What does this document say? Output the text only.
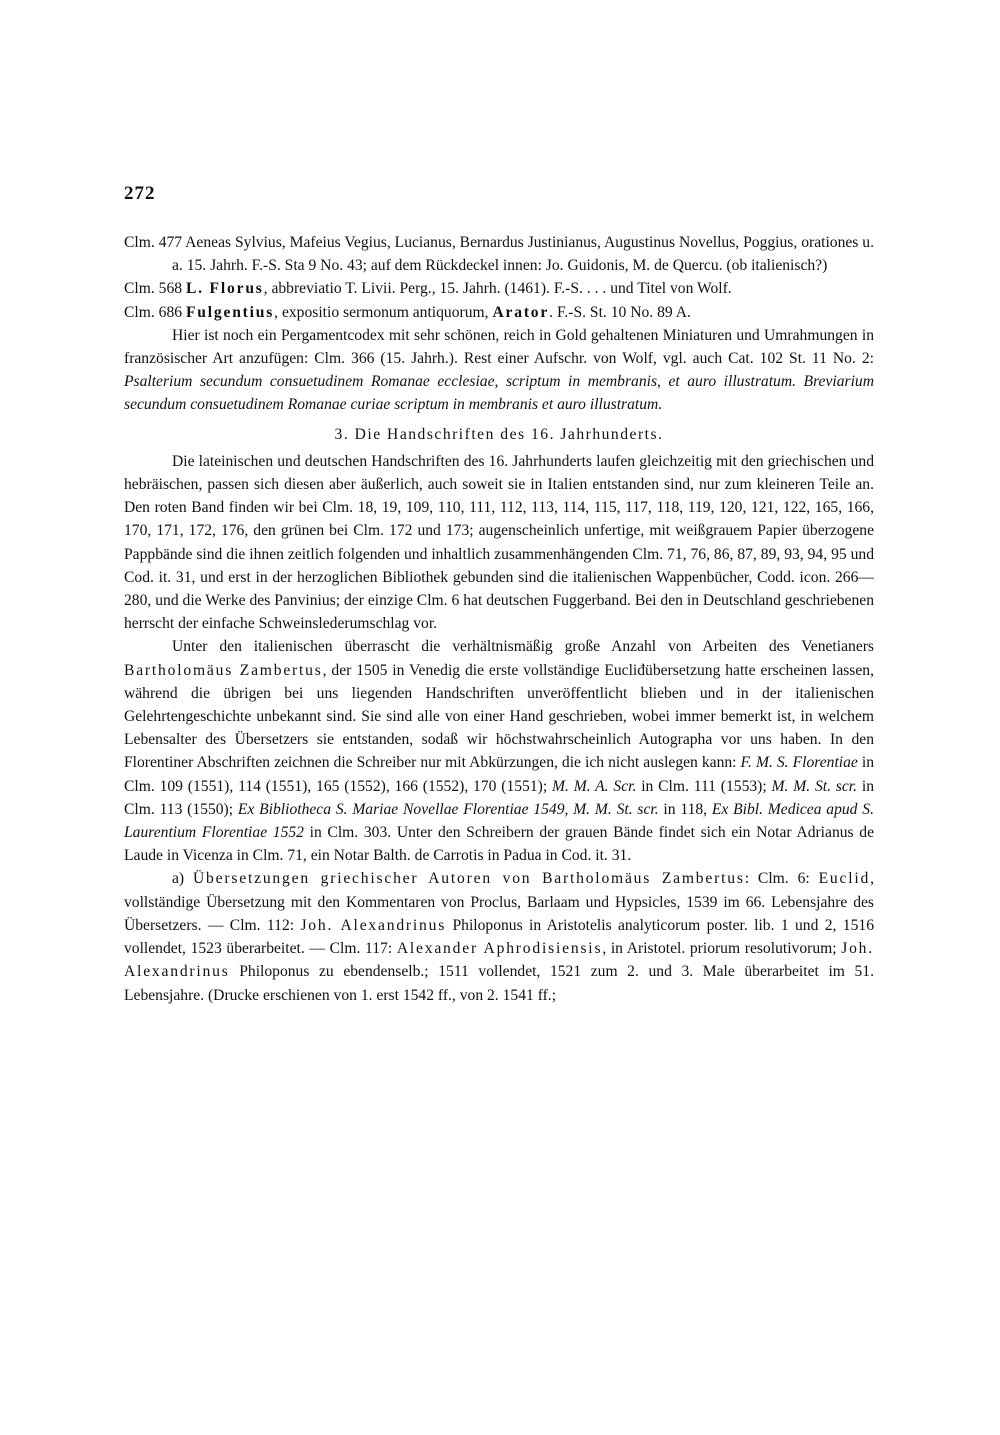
272

Clm. 477 Aeneas Sylvius, Mafeius Vegius, Lucianus, Bernardus Justinianus, Augustinus Novellus, Poggius, orationes u. a. 15. Jahrh. F.-S. Sta 9 No. 43; auf dem Rückdeckel innen: Jo. Guidonis, M. de Quercu. (ob italienisch?)

Clm. 568 L. Florus, abbreviatio T. Livii. Perg., 15. Jahrh. (1461). F.-S. . . . und Titel von Wolf.

Clm. 686 Fulgentius, expositio sermonum antiquorum, Arator. F.-S. St. 10 No. 89 A.

Hier ist noch ein Pergamentcodex mit sehr schönen, reich in Gold gehaltenen Miniaturen und Umrahmungen in französischer Art anzufügen: Clm. 366 (15. Jahrh.). Rest einer Aufschr. von Wolf, vgl. auch Cat. 102 St. 11 No. 2: Psalterium secundum consuetudinem Romanae ecclesiae, scriptum in membranis, et auro illustratum. Breviarium secundum consuetudinem Romanae curiae scriptum in membranis et auro illustratum.

3. Die Handschriften des 16. Jahrhunderts.

Die lateinischen und deutschen Handschriften des 16. Jahrhunderts laufen gleichzeitig mit den griechischen und hebräischen, passen sich diesen aber äußerlich, auch soweit sie in Italien entstanden sind, nur zum kleineren Teile an. Den roten Band finden wir bei Clm. 18, 19, 109, 110, 111, 112, 113, 114, 115, 117, 118, 119, 120, 121, 122, 165, 166, 170, 171, 172, 176, den grünen bei Clm. 172 und 173; augenscheinlich unfertige, mit weißgrauem Papier überzogene Pappbände sind die ihnen zeitlich folgenden und inhaltlich zusammenhängenden Clm. 71, 76, 86, 87, 89, 93, 94, 95 und Cod. it. 31, und erst in der herzoglichen Bibliothek gebunden sind die italienischen Wappenbücher, Codd. icon. 266—280, und die Werke des Panvinius; der einzige Clm. 6 hat deutschen Fuggerband. Bei den in Deutschland geschriebenen herrscht der einfache Schweinslederumschlag vor.

Unter den italienischen überrascht die verhältnismäßig große Anzahl von Arbeiten des Venetianers Bartholomäus Zambertus, der 1505 in Venedig die erste vollständige Eucliđübersetzung hatte erscheinen lassen, während die übrigen bei uns liegenden Handschriften unveröffentlicht blieben und in der italienischen Gelehrtengeschichte unbekannt sind. Sie sind alle von einer Hand geschrieben, wobei immer bemerkt ist, in welchem Lebensalter des Übersetzers sie entstanden, sodaß wir höchstwahrscheinlich Autographa vor uns haben. In den Florentiner Abschriften zeichnen die Schreiber nur mit Abkürzungen, die ich nicht auslegen kann: F. M. S. Florentiae in Clm. 109 (1551), 114 (1551), 165 (1552), 166 (1552), 170 (1551); M. M. A. Scr. in Clm. 111 (1553); M. M. St. scr. in Clm. 113 (1550); Ex Bibliotheca S. Mariae Novellae Florentiae 1549, M. M. St. scr. in 118, Ex Bibl. Medicea apud S. Laurentium Florentiae 1552 in Clm. 303. Unter den Schreibern der grauen Bände findet sich ein Notar Adrianus de Laude in Vicenza in Clm. 71, ein Notar Balth. de Carrotis in Padua in Cod. it. 31.

a) Übersetzungen griechischer Autoren von Bartholomäus Zambertus: Clm. 6: Euclid, vollständige Übersetzung mit den Kommentaren von Proclus, Barlaam und Hypsicles, 1539 im 66. Lebensjahre des Übersetzers. — Clm. 112: Joh. Alexandrinus Philoponus in Aristotelis analyticorum poster. lib. 1 und 2, 1516 vollendet, 1523 überarbeitet. — Clm. 117: Alexander Aphrodisiensis, in Aristotel. priorum resolutivorum; Joh. Alexandrinus Philoponus zu ebendenselb.; 1511 vollendet, 1521 zum 2. und 3. Male überarbeitet im 51. Lebensjahre. (Drucke erschienen von 1. erst 1542 ff., von 2. 1541 ff.;
